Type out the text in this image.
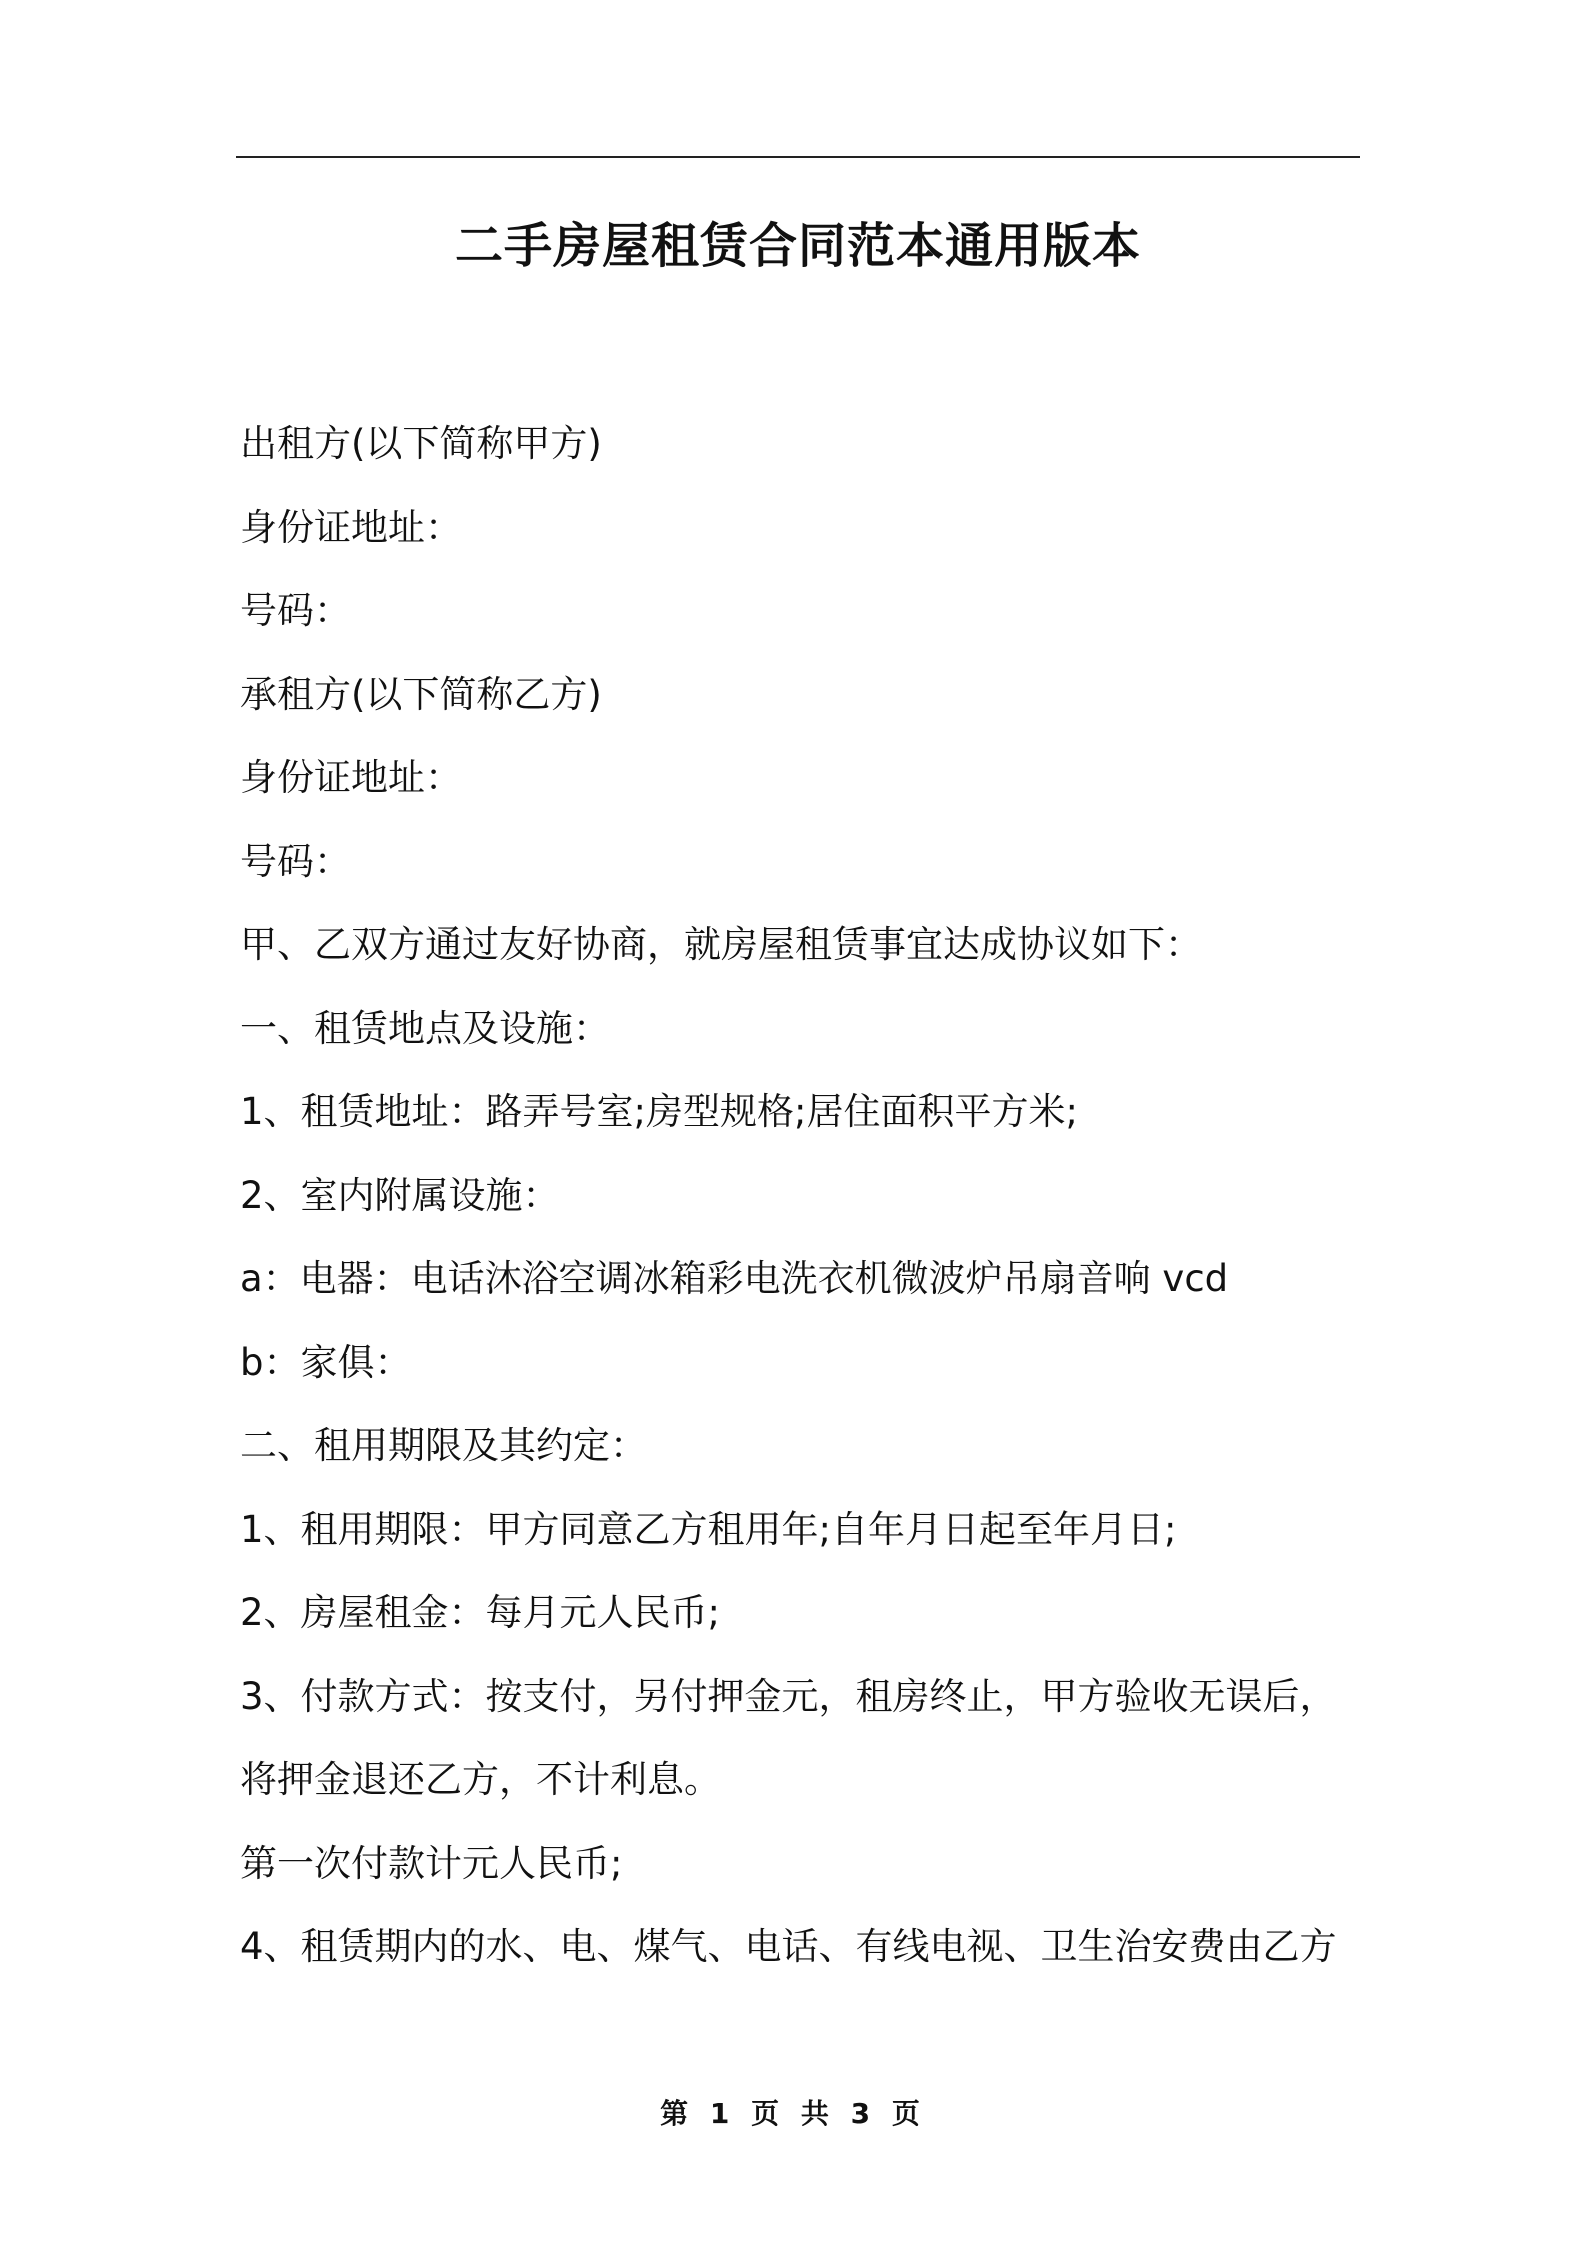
二手房屋租赁合同范本通用版本
出租方(以下简称甲方)
身份证地址：
号码：
承租方(以下简称乙方)
身份证地址：
号码：
甲、乙双方通过友好协商，就房屋租赁事宜达成协议如下：
一、租赁地点及设施：
1、租赁地址：路弄号室;房型规格;居住面积平方米;
2、室内附属设施：
a：电器：电话沐浴空调冰箱彩电洗衣机微波炉吊扇音响 vcd
b：家俱：
二、租用期限及其约定：
1、租用期限：甲方同意乙方租用年;自年月日起至年月日;
2、房屋租金：每月元人民币;
3、付款方式：按支付，另付押金元，租房终止，甲方验收无误后，
将押金退还乙方，不计利息。
第一次付款计元人民币;
4、租赁期内的水、电、煤气、电话、有线电视、卫生治安费由乙方
第 1 页 共 3 页
